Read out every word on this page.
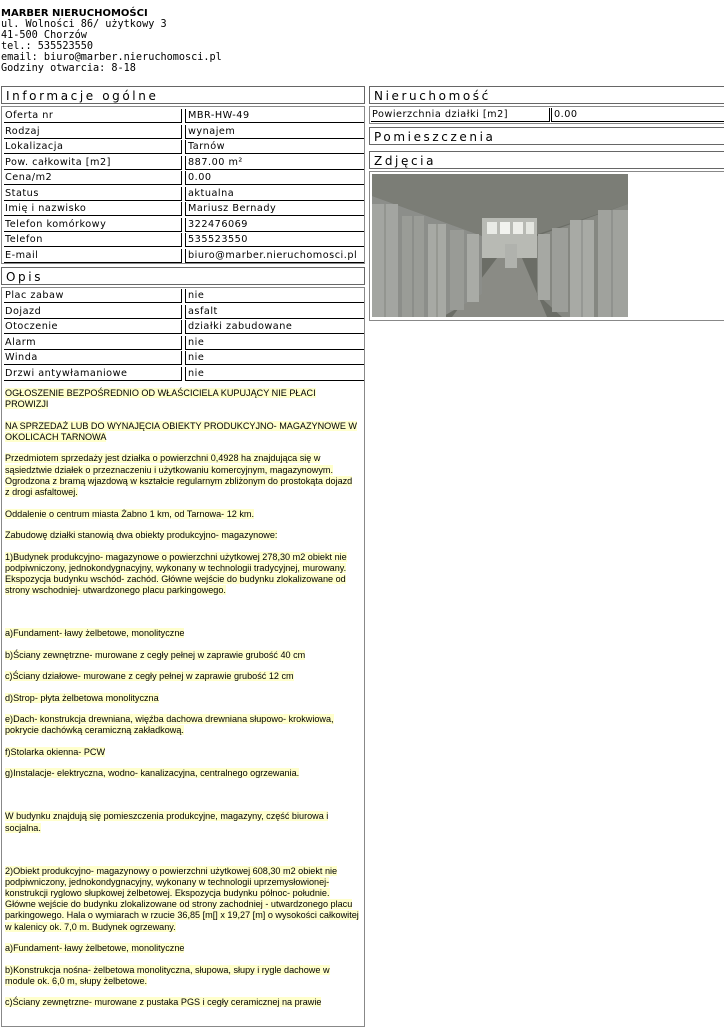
MARBER NIERUCHOMOŚCI
ul. Wolności 86/ użytkowy 3
41-500 Chorzów
tel.: 535523550
email: biuro@marber.nieruchomosci.pl
Godziny otwarcia: 8-18
Informacje ogólne
Oferta nr	MBR-HW-49
Rodzaj	wynajem
Lokalizacja	Tarnów
Pow. całkowita [m2]	887.00 m²
Cena/m2	0.00
Status	aktualna
Imię i nazwisko	Mariusz Bernady
Telefon komórkowy	322476069
Telefon	535523550
E-mail	biuro@marber.nieruchomosci.pl
Opis
Plac zabaw	nie
Dojazd	asfalt
Otoczenie	działki zabudowane
Alarm	nie
Winda	nie
Drzwi antywłamaniowe	nie

OGŁOSZENIE BEZPOŚREDNIO OD WŁAŚCICIELA KUPUJĄCY NIE PŁACI PROWIZJI

NA SPRZEDAŻ LUB DO WYNAJĘCIA OBIEKTY PRODUKCYJNO- MAGAZYNOWE W OKOLICACH TARNOWA

Przedmiotem sprzedaży jest działka o powierzchni 0,4928 ha znajdująca się w sąsiedztwie działek o przeznaczeniu i użytkowaniu komercyjnym, magazynowym. Ogrodzona z bramą wjazdową w kształcie regularnym zbliżonym do prostokąta dojazd z drogi asfaltowej.

Oddalenie o centrum miasta Żabno 1 km, od Tarnowa- 12 km.

Zabudowę działki stanowią dwa obiekty produkcyjno- magazynowe:

1)Budynek produkcyjno- magazynowe o powierzchni użytkowej 278,30 m2 obiekt nie podpiwniczony, jednokondygnacyjny, wykonany w technologii tradycyjnej, murowany. Ekspozycja budynku wschód- zachód. Główne wejście do budynku zlokalizowane od strony wschodniej- utwardzonego placu parkingowego.

a)Fundament- ławy żelbetowe, monolityczne

b)Ściany zewnętrzne- murowane z cegły pełnej w zaprawie grubość 40 cm

c)Ściany działowe- murowane z cegły pełnej w zaprawie grubość 12 cm

d)Strop- płyta żelbetowa monolityczna

e)Dach- konstrukcja drewniana, więźba dachowa drewniana słupowo- krokwiowa, pokrycie dachówką ceramiczną zakładkową.

f)Stolarka okienna- PCW

g)Instalacje- elektryczna, wodno- kanalizacyjna, centralnego ogrzewania.

W budynku znajdują się pomieszczenia produkcyjne, magazyny, część biurowa i socjalna.

2)Obiekt produkcyjno- magazynowy o powierzchni użytkowej 608,30 m2 obiekt nie podpiwniczony, jednokondygnacyjny, wykonany w technologii uprzemysłowionej- konstrukcji ryglowo słupkowej żelbetowej. Ekspozycja budynku północ- południe. Główne wejście do budynku zlokalizowane od strony zachodniej - utwardzonego placu parkingowego. Hala o wymiarach w rzucie 36,85 [m[] x 19,27 [m] o wysokości całkowitej w kalenicy ok. 7,0 m. Budynek ogrzewany.

a)Fundament- ławy żelbetowe, monolityczne

b)Konstrukcja nośna- żelbetowa monolityczna, słupowa, słupy i rygle dachowe w module ok. 6,0 m, słupy żelbetowe.

c)Ściany zewnętrzne- murowane z pustaka PGS i cegły ceramicznej na prawie

Nieruchomość
Powierzchnia działki [m2]	0.00
Pomieszczenia
Zdjęcia
